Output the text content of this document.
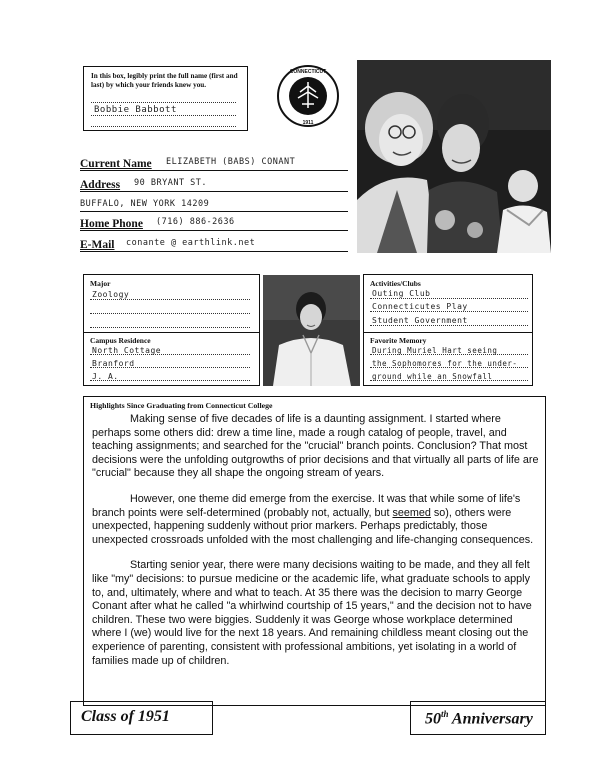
In this box, legibly print the full name (first and last) by which your friends knew you.
Bobbie Babbott
CONNECTICUT
1911
Current Name ELIZABETH (BABS) CONANT
Address 90 BRYANT ST.
BUFFALO, NEW YORK 14209
Home Phone (716) 886-2636
E-Mail conante @ earthlink.net
Major
Zoology
Campus Residence
North Cottage
Branford
J. A.
Activities/Clubs
Outing Club
Connecticutes Play
Student Government
Favorite Memory
During Muriel Hart seeing
the Sophomores for the under-
ground while an Snowfall
Highlights Since Graduating from Connecticut College

Making sense of five decades of life is a daunting assignment. I started where perhaps some others did: drew a time line, made a rough catalog of people, travel, and teaching assignments; and searched for the "crucial" branch points. Conclusion? That most decisions were the unfolding outgrowths of prior decisions and that virtually all parts of life are "crucial" because they all shape the ongoing stream of years.

However, one theme did emerge from the exercise. It was that while some of life's branch points were self-determined (probably not, actually, but seemed so), others were unexpected, happening suddenly without prior markers. Perhaps predictably, those unexpected crossroads unfolded with the most challenging and life-changing consequences.

Starting senior year, there were many decisions waiting to be made, and they all felt like "my" decisions: to pursue medicine or the academic life, what graduate schools to apply to, and, ultimately, where and what to teach. At 35 there was the decision to marry George Conant after what he called "a whirlwind courtship of 15 years," and the decision not to have children. These two were biggies. Suddenly it was George whose workplace determined where I (we) would live for the next 18 years. And remaining childless meant closing out the experience of parenting, consistent with professional ambitions, yet isolating in a world of families made up of children.

Class of 1951	50th Anniversary
